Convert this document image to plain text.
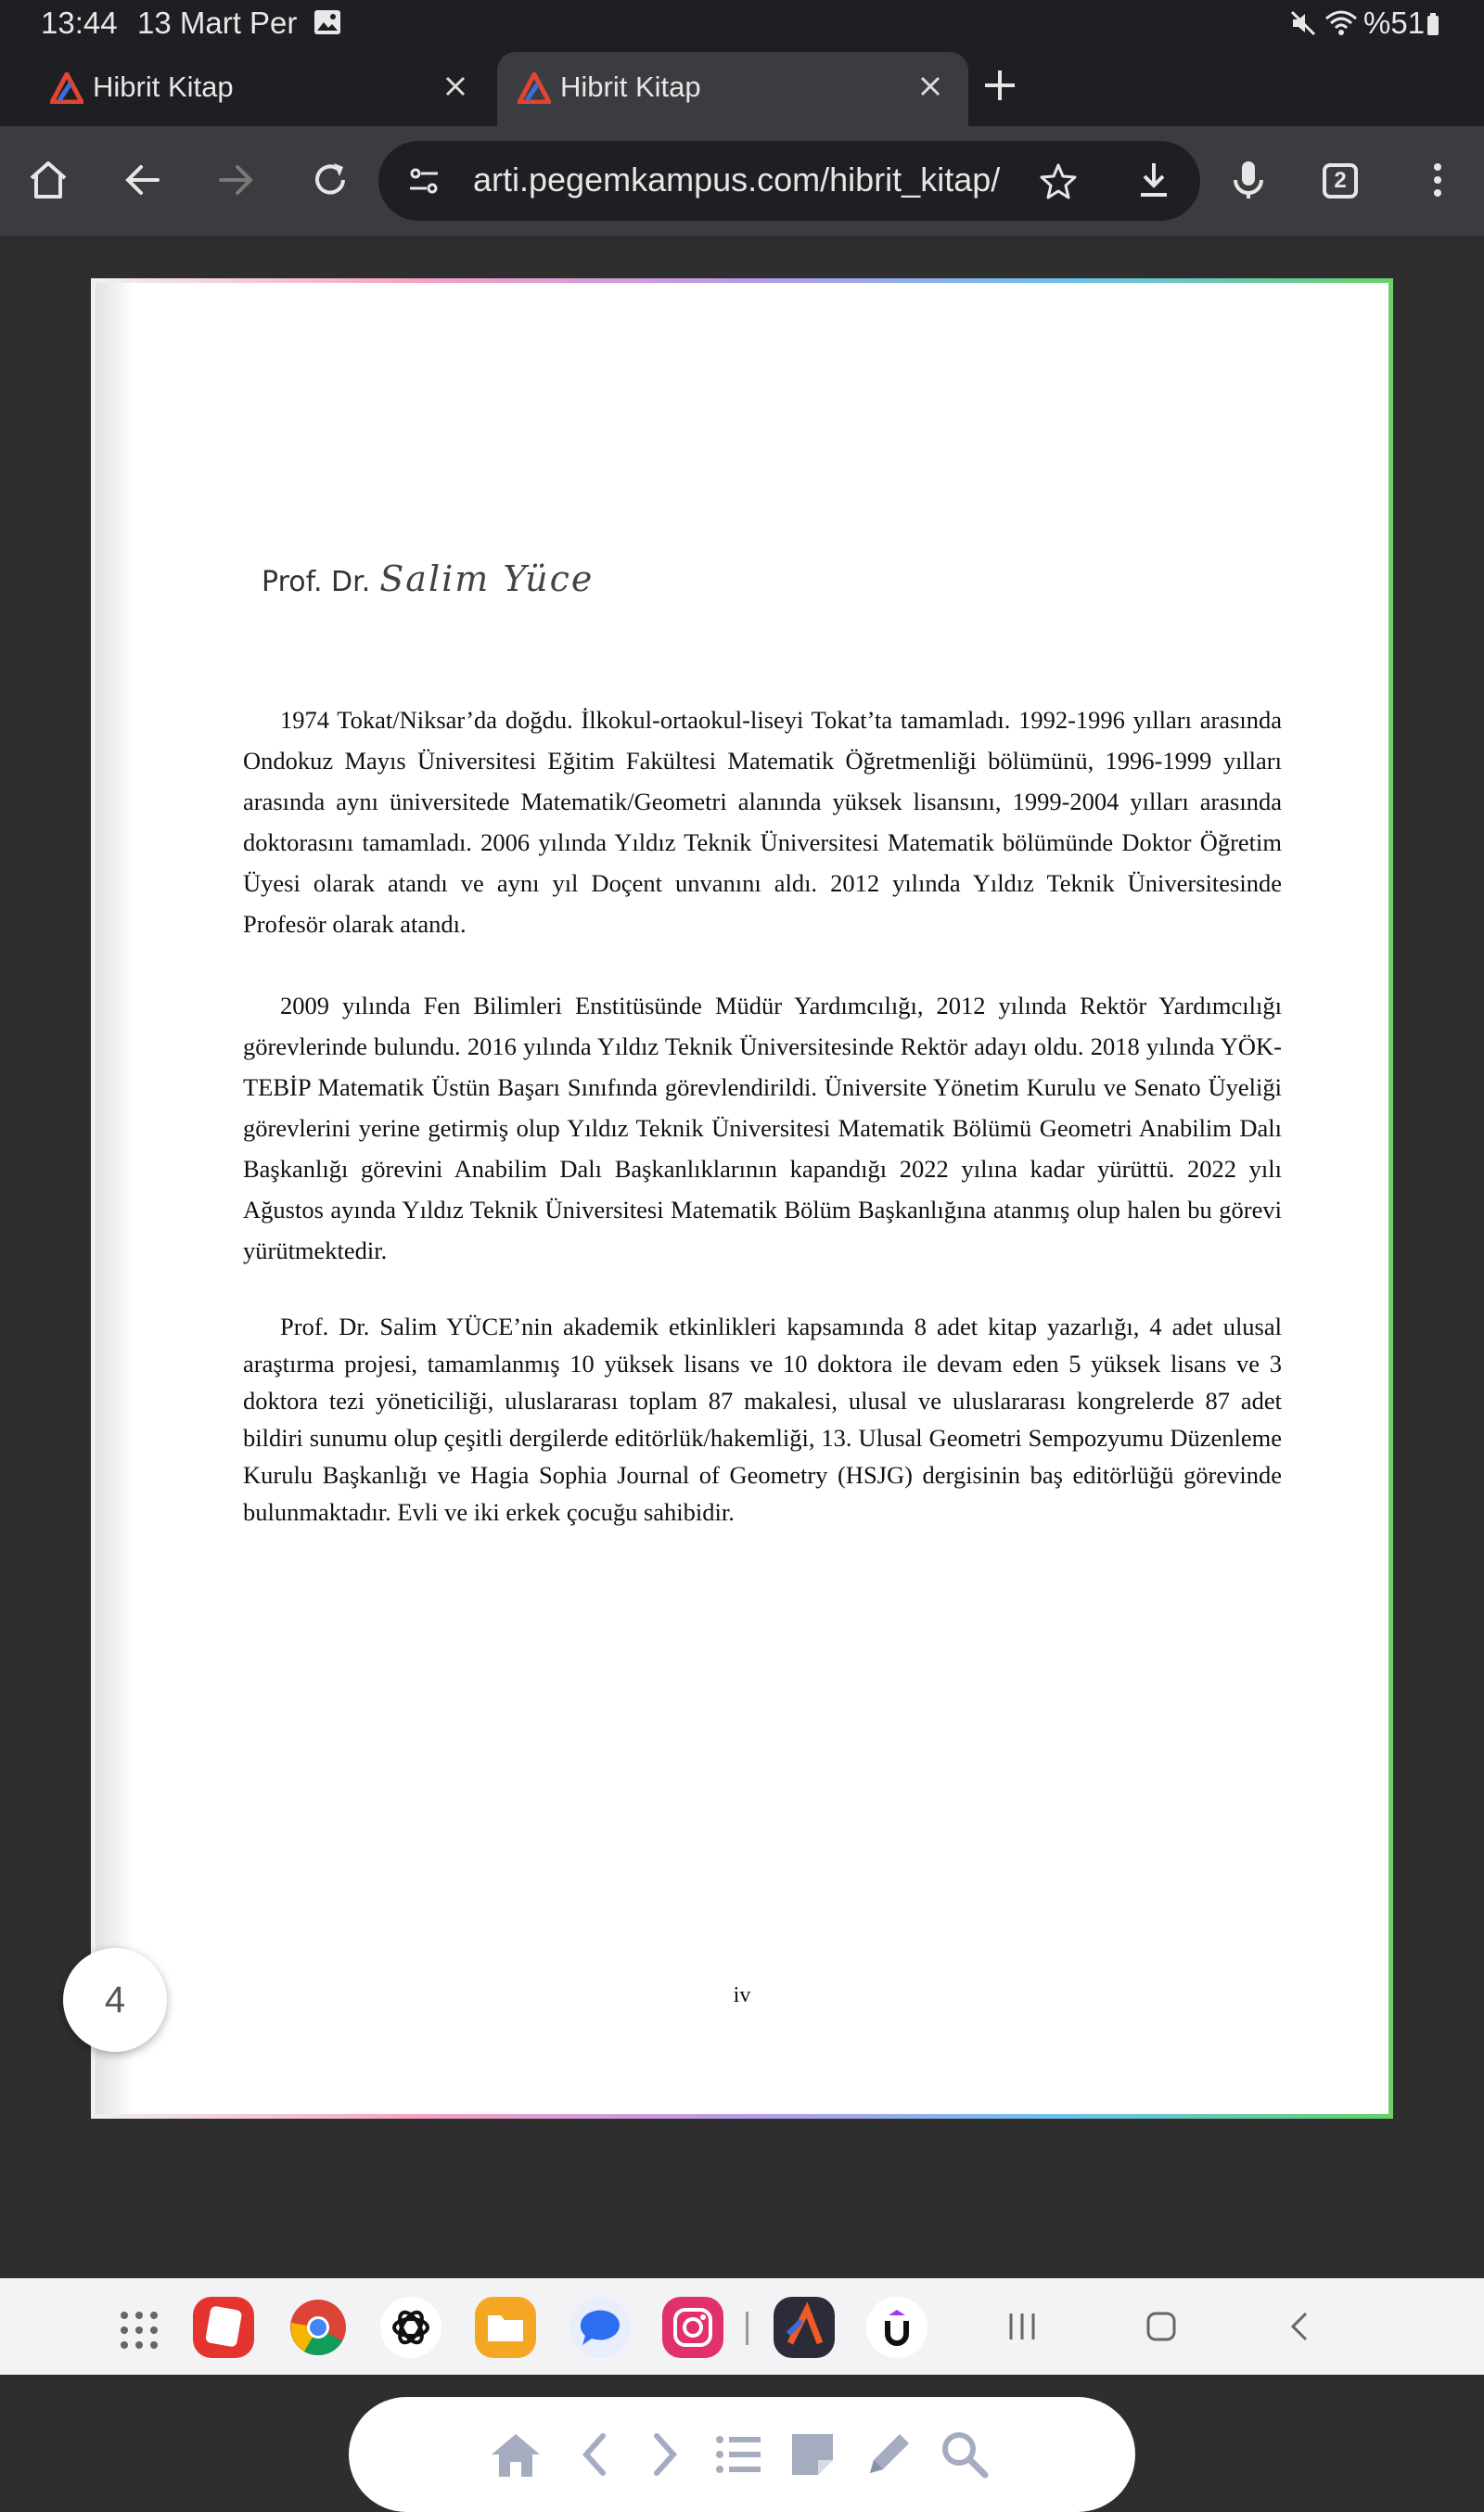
13:44 13 Mart Per	%51
Hibrit Kitap	Hibrit Kitap
arti.pegemkampus.com/hibrit_kitap/	2
Prof. Dr. Salim Yüce

1974 Tokat/Niksar’da doğdu. İlkokul-ortaokul-liseyi Tokat’ta tamamladı. 1992-1996 yılları arasında Ondokuz Mayıs Üniversitesi Eğitim Fakültesi Matematik Öğretmenliği bölümünü, 1996-1999 yılları arasında aynı üniversitede Matematik/Geometri alanında yüksek lisansını, 1999-2004 yılları arasında doktorasını tamamladı. 2006 yılında Yıldız Teknik Üniversitesi Matematik bölümünde Doktor Öğretim Üyesi olarak atandı ve aynı yıl Doçent unvanını aldı. 2012 yılında Yıldız Teknik Üniversitesinde Profesör olarak atandı.

2009 yılında Fen Bilimleri Enstitüsünde Müdür Yardımcılığı, 2012 yılında Rektör Yardımcılığı görevlerinde bulundu. 2016 yılında Yıldız Teknik Üniversitesinde Rektör adayı oldu. 2018 yılında YÖK-TEBİP Matematik Üstün Başarı Sınıfında görevlendirildi. Üniversite Yönetim Kurulu ve Senato Üyeliği görevlerini yerine getirmiş olup Yıldız Teknik Üniversitesi Matematik Bölümü Geometri Anabilim Dalı Başkanlığı görevini Anabilim Dalı Başkanlıklarının kapandığı 2022 yılına kadar yürüttü. 2022 yılı Ağustos ayında Yıldız Teknik Üniversitesi Matematik Bölüm Başkanlığına atanmış olup halen bu görevi yürütmektedir.

Prof. Dr. Salim YÜCE’nin akademik etkinlikleri kapsamında 8 adet kitap yazarlığı, 4 adet ulusal araştırma projesi, tamamlanmış 10 yüksek lisans ve 10 doktora ile devam eden 5 yüksek lisans ve 3 doktora tezi yöneticiliği, uluslararası toplam 87 makalesi, ulusal ve uluslararası kongrelerde 87 adet bildiri sunumu olup çeşitli dergilerde editörlük/hakemliği, 13. Ulusal Geometri Sempozyumu Düzenleme Kurulu Başkanlığı ve Hagia Sophia Journal of Geometry (HSJG) dergisinin baş editörlüğü görevinde bulunmaktadır. Evli ve iki erkek çocuğu sahibidir.

iv
4
